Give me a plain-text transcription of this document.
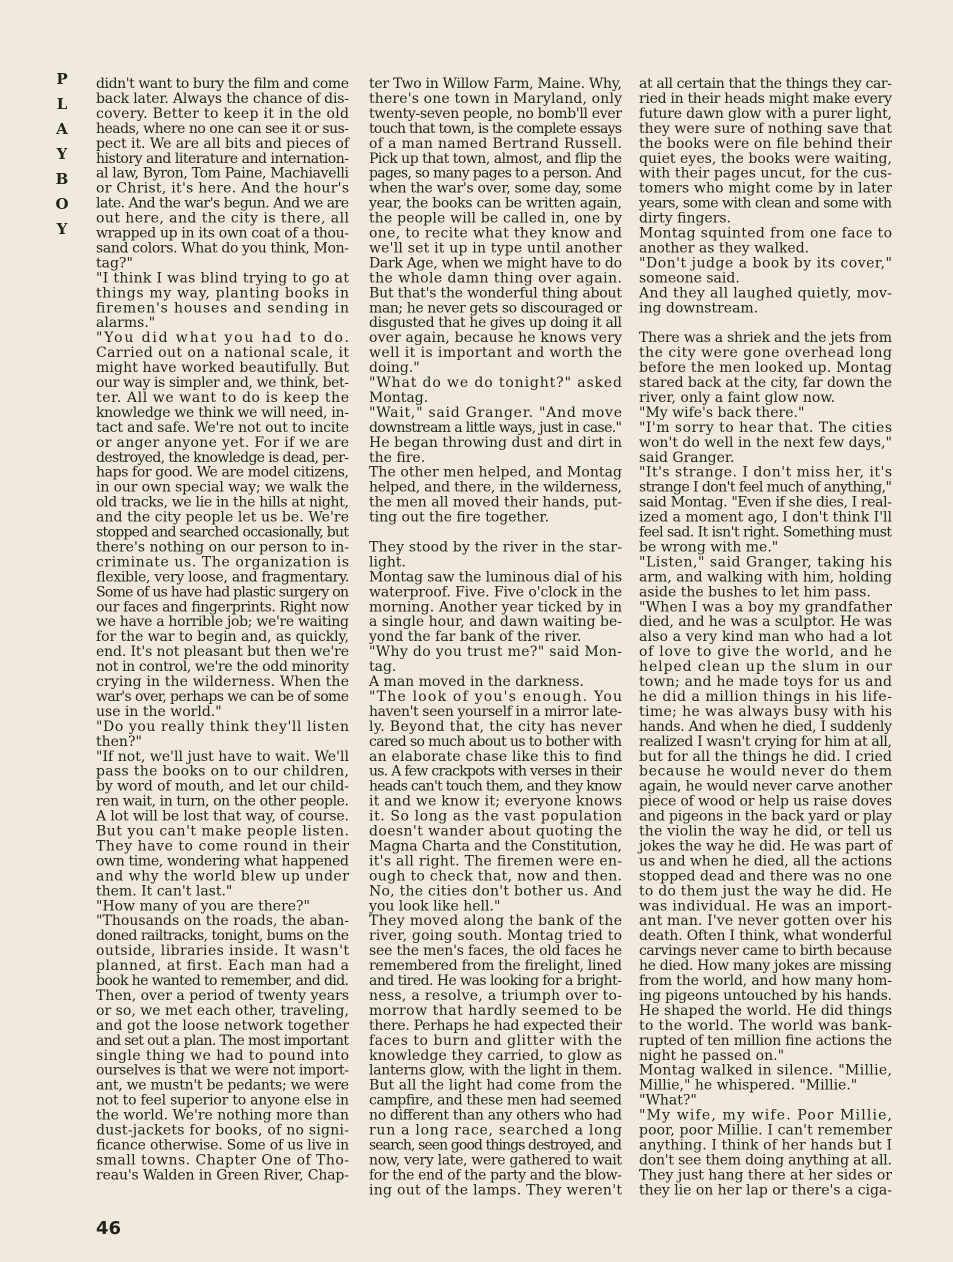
P L A Y B O Y
didn't want to bury the film and come
back later. Always the chance of dis-
covery. Better to keep it in the old
heads, where no one can see it or sus-
pect it. We are all bits and pieces of
history and literature and internation-
al law, Byron, Tom Paine, Machiavelli
or Christ, it's here. And the hour's
late. And the war's begun. And we are
out here, and the city is there, all
wrapped up in its own coat of a thou-
sand colors. What do you think, Mon-
tag?"
"I think I was blind trying to go at
things my way, planting books in
firemen's houses and sending in
alarms."
"You did what you had to do.
Carried out on a national scale, it
might have worked beautifully. But
our way is simpler and, we think, bet-
ter. All we want to do is keep the
knowledge we think we will need, in-
tact and safe. We're not out to incite
or anger anyone yet. For if we are
destroyed, the knowledge is dead, per-
haps for good. We are model citizens,
in our own special way; we walk the
old tracks, we lie in the hills at night,
and the city people let us be. We're
stopped and searched occasionally, but
there's nothing on our person to in-
criminate us. The organization is
flexible, very loose, and fragmentary.
Some of us have had plastic surgery on
our faces and fingerprints. Right now
we have a horrible job; we're waiting
for the war to begin and, as quickly,
end. It's not pleasant but then we're
not in control, we're the odd minority
crying in the wilderness. When the
war's over, perhaps we can be of some
use in the world."
"Do you really think they'll listen
then?"
"If not, we'll just have to wait. We'll
pass the books on to our children,
by word of mouth, and let our child-
ren wait, in turn, on the other people.
A lot will be lost that way, of course.
But you can't make people listen.
They have to come round in their
own time, wondering what happened
and why the world blew up under
them. It can't last."
"How many of you are there?"
"Thousands on the roads, the aban-
doned railtracks, tonight, bums on the
outside, libraries inside. It wasn't
planned, at first. Each man had a
book he wanted to remember, and did.
Then, over a period of twenty years
or so, we met each other, traveling,
and got the loose network together
and set out a plan. The most important
single thing we had to pound into
ourselves is that we were not import-
ant, we mustn't be pedants; we were
not to feel superior to anyone else in
the world. We're nothing more than
dust-jackets for books, of no signi-
ficance otherwise. Some of us live in
small towns. Chapter One of Tho-
reau's Walden in Green River, Chap-
ter Two in Willow Farm, Maine. Why,
there's one town in Maryland, only
twenty-seven people, no bomb'll ever
touch that town, is the complete essays
of a man named Bertrand Russell.
Pick up that town, almost, and flip the
pages, so many pages to a person. And
when the war's over, some day, some
year, the books can be written again,
the people will be called in, one by
one, to recite what they know and
we'll set it up in type until another
Dark Age, when we might have to do
the whole damn thing over again.
But that's the wonderful thing about
man; he never gets so discouraged or
disgusted that he gives up doing it all
over again, because he knows very
well it is important and worth the
doing."
"What do we do tonight?" asked
Montag.
"Wait," said Granger. "And move
downstream a little ways, just in case."
He began throwing dust and dirt in
the fire.
The other men helped, and Montag
helped, and there, in the wilderness,
the men all moved their hands, put-
ting out the fire together.
They stood by the river in the star-
light.
Montag saw the luminous dial of his
waterproof. Five. Five o'clock in the
morning. Another year ticked by in
a single hour, and dawn waiting be-
yond the far bank of the river.
"Why do you trust me?" said Mon-
tag.
A man moved in the darkness.
"The look of you's enough. You
haven't seen yourself in a mirror late-
ly. Beyond that, the city has never
cared so much about us to bother with
an elaborate chase like this to find
us. A few crackpots with verses in their
heads can't touch them, and they know
it and we know it; everyone knows
it. So long as the vast population
doesn't wander about quoting the
Magna Charta and the Constitution,
it's all right. The firemen were en-
ough to check that, now and then.
No, the cities don't bother us. And
you look like hell."
They moved along the bank of the
river, going south. Montag tried to
see the men's faces, the old faces he
remembered from the firelight, lined
and tired. He was looking for a bright-
ness, a resolve, a triumph over to-
morrow that hardly seemed to be
there. Perhaps he had expected their
faces to burn and glitter with the
knowledge they carried, to glow as
lanterns glow, with the light in them.
But all the light had come from the
campfire, and these men had seemed
no different than any others who had
run a long race, searched a long
search, seen good things destroyed, and
now, very late, were gathered to wait
for the end of the party and the blow-
ing out of the lamps. They weren't
at all certain that the things they car-
ried in their heads might make every
future dawn glow with a purer light,
they were sure of nothing save that
the books were on file behind their
quiet eyes, the books were waiting,
with their pages uncut, for the cus-
tomers who might come by in later
years, some with clean and some with
dirty fingers.
Montag squinted from one face to
another as they walked.
"Don't judge a book by its cover,"
someone said.
And they all laughed quietly, mov-
ing downstream.
There was a shriek and the jets from
the city were gone overhead long
before the men looked up. Montag
stared back at the city, far down the
river, only a faint glow now.
"My wife's back there."
"I'm sorry to hear that. The cities
won't do well in the next few days,"
said Granger.
"It's strange. I don't miss her, it's
strange I don't feel much of anything,"
said Montag. "Even if she dies, I real-
ized a moment ago, I don't think I'll
feel sad. It isn't right. Something must
be wrong with me."
"Listen," said Granger, taking his
arm, and walking with him, holding
aside the bushes to let him pass.
"When I was a boy my grandfather
died, and he was a sculptor. He was
also a very kind man who had a lot
of love to give the world, and he
helped clean up the slum in our
town; and he made toys for us and
he did a million things in his life-
time; he was always busy with his
hands. And when he died, I suddenly
realized I wasn't crying for him at all,
but for all the things he did. I cried
because he would never do them
again, he would never carve another
piece of wood or help us raise doves
and pigeons in the back yard or play
the violin the way he did, or tell us
jokes the way he did. He was part of
us and when he died, all the actions
stopped dead and there was no one
to do them just the way he did. He
was individual. He was an import-
ant man. I've never gotten over his
death. Often I think, what wonderful
carvings never came to birth because
he died. How many jokes are missing
from the world, and how many hom-
ing pigeons untouched by his hands.
He shaped the world. He did things
to the world. The world was bank-
rupted of ten million fine actions the
night he passed on."
Montag walked in silence. "Millie,
Millie," he whispered. "Millie."
"What?"
"My wife, my wife. Poor Millie,
poor, poor Millie. I can't remember
anything. I think of her hands but I
don't see them doing anything at all.
They just hang there at her sides or
they lie on her lap or there's a ciga-
46
